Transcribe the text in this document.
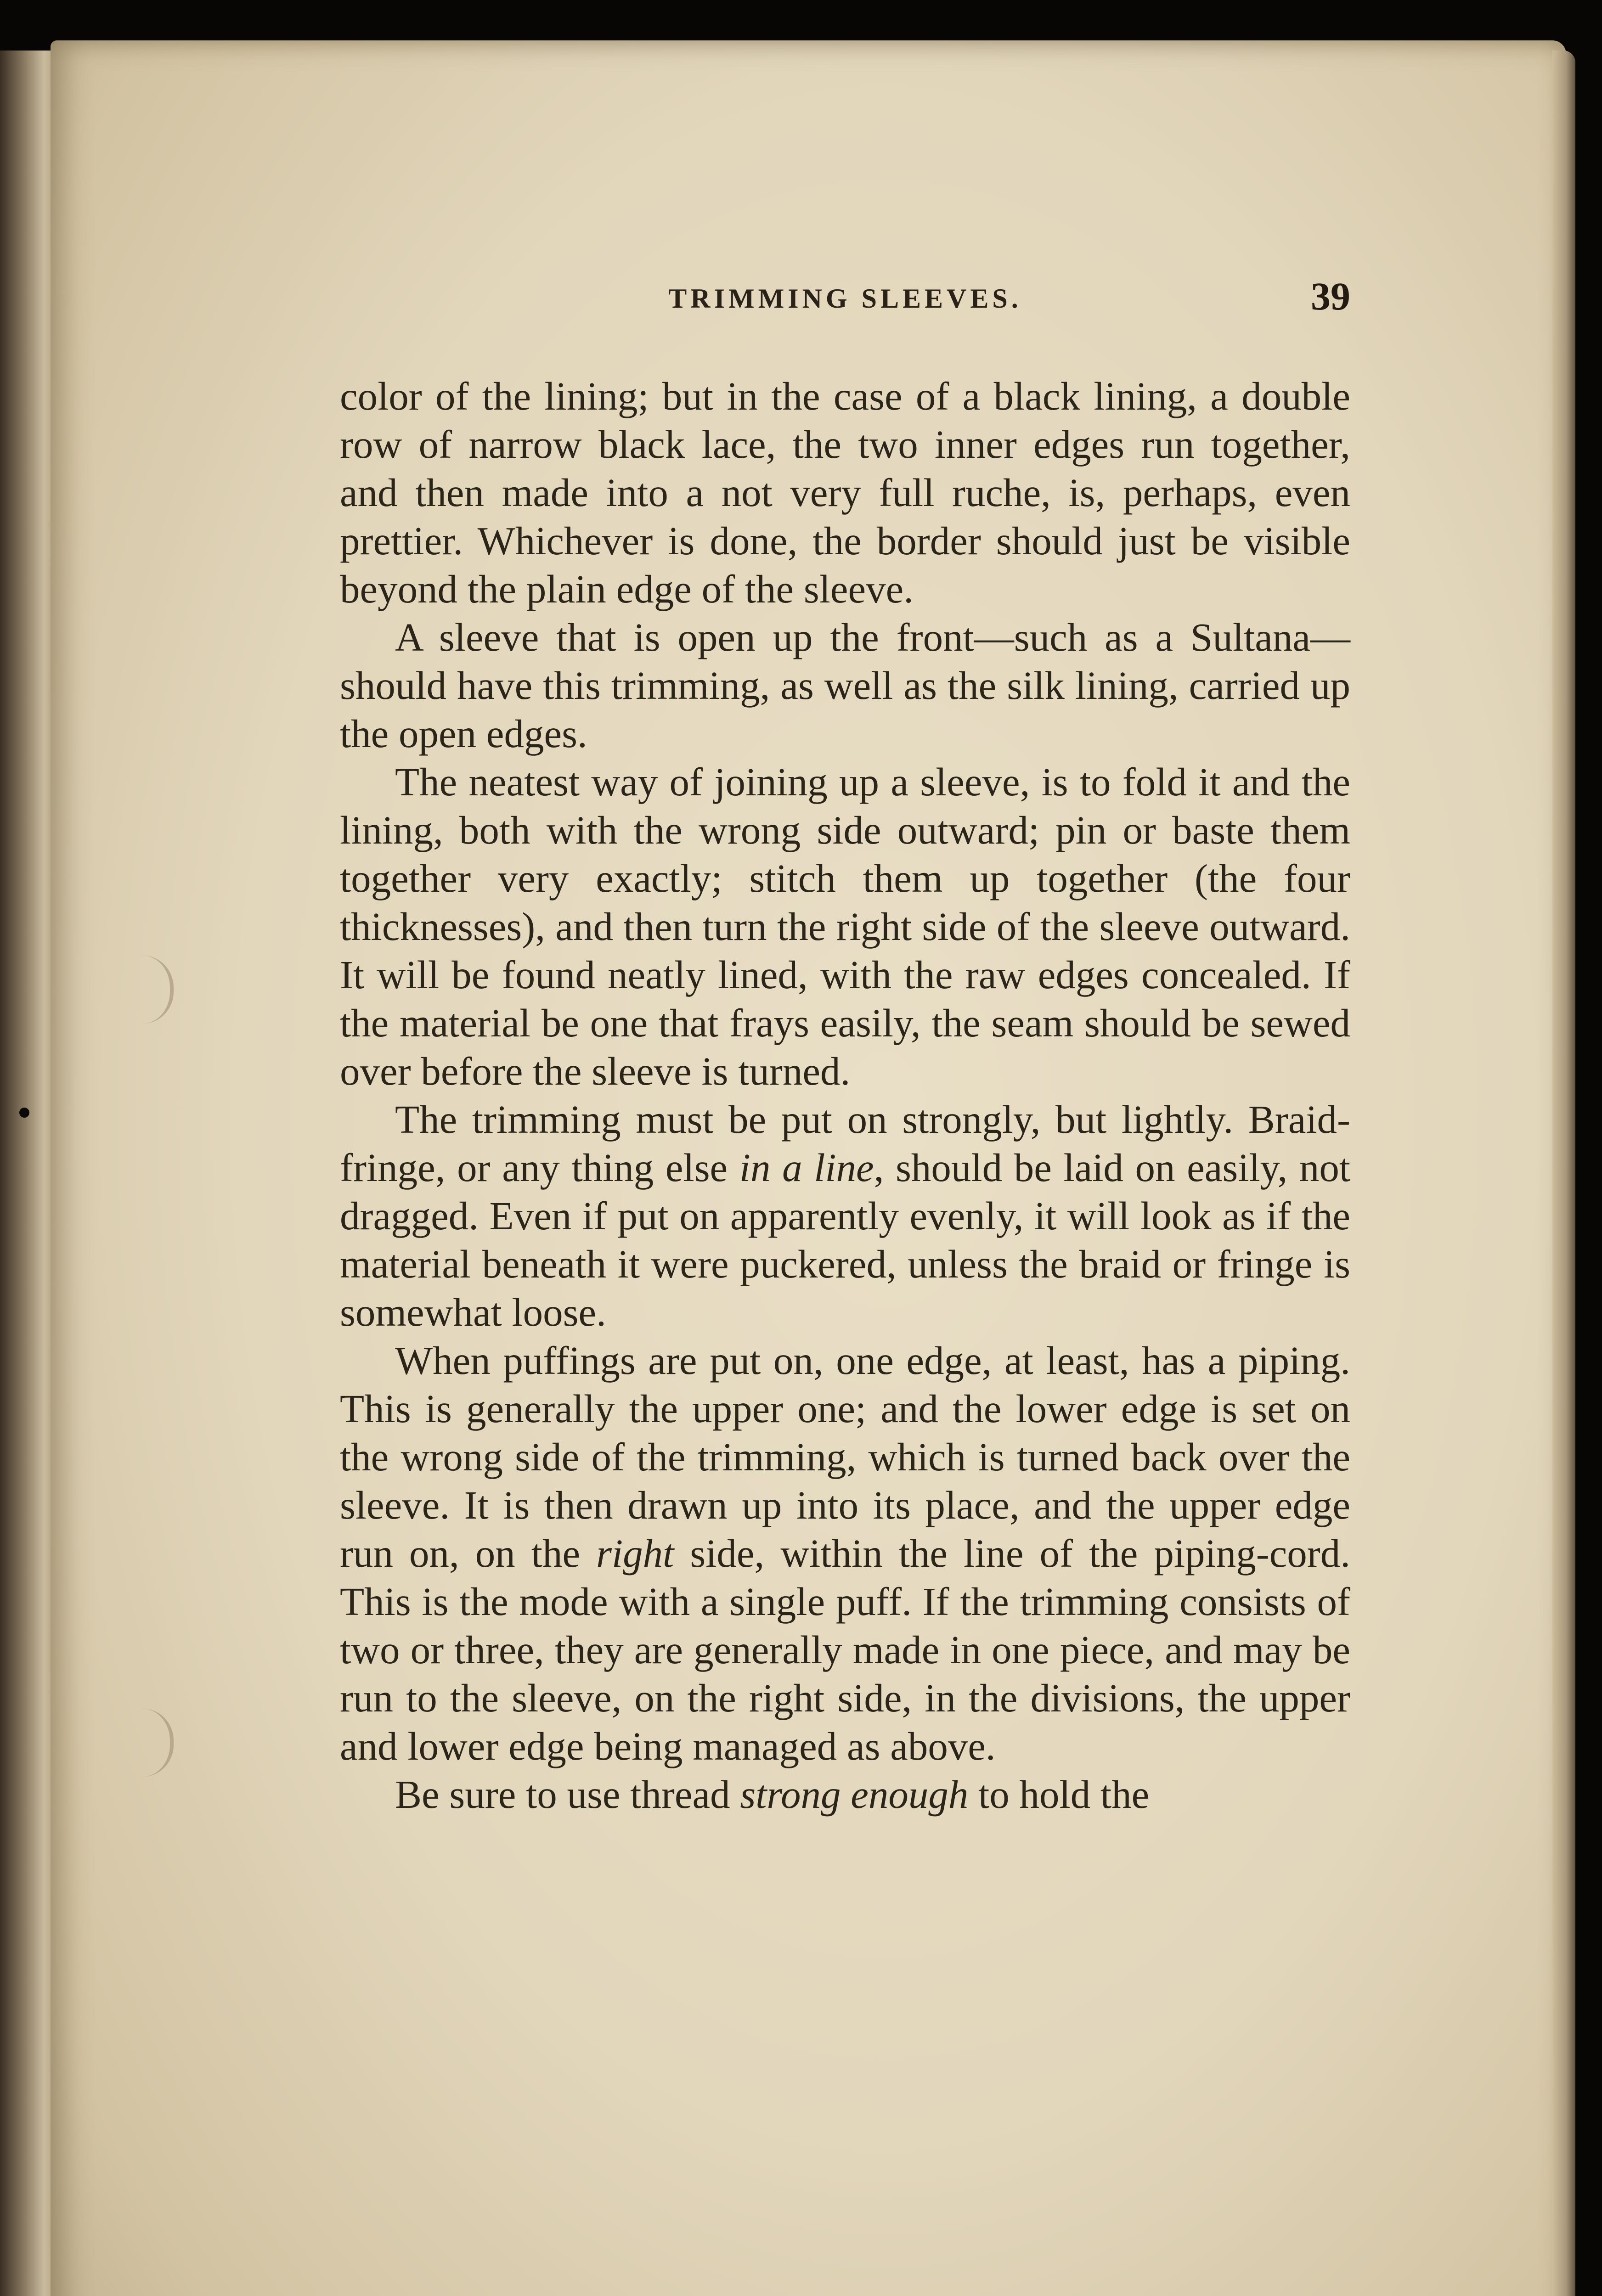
TRIMMING SLEEVES.	39

color of the lining; but in the case of a black lining, a double row of narrow black lace, the two inner edges run together, and then made into a not very full ruche, is, perhaps, even prettier. Whichever is done, the border should just be visible beyond the plain edge of the sleeve.

A sleeve that is open up the front—such as a Sultana—should have this trimming, as well as the silk lining, carried up the open edges.

The neatest way of joining up a sleeve, is to fold it and the lining, both with the wrong side outward; pin or baste them together very exactly; stitch them up together (the four thicknesses), and then turn the right side of the sleeve outward. It will be found neatly lined, with the raw edges concealed. If the material be one that frays easily, the seam should be sewed over before the sleeve is turned.

The trimming must be put on strongly, but lightly. Braid-fringe, or any thing else in a line, should be laid on easily, not dragged. Even if put on apparently evenly, it will look as if the material beneath it were puckered, unless the braid or fringe is somewhat loose.

When puffings are put on, one edge, at least, has a piping. This is generally the upper one; and the lower edge is set on the wrong side of the trimming, which is turned back over the sleeve. It is then drawn up into its place, and the upper edge run on, on the right side, within the line of the piping-cord. This is the mode with a single puff. If the trimming consists of two or three, they are generally made in one piece, and may be run to the sleeve, on the right side, in the divisions, the upper and lower edge being managed as above.

Be sure to use thread strong enough to hold the
